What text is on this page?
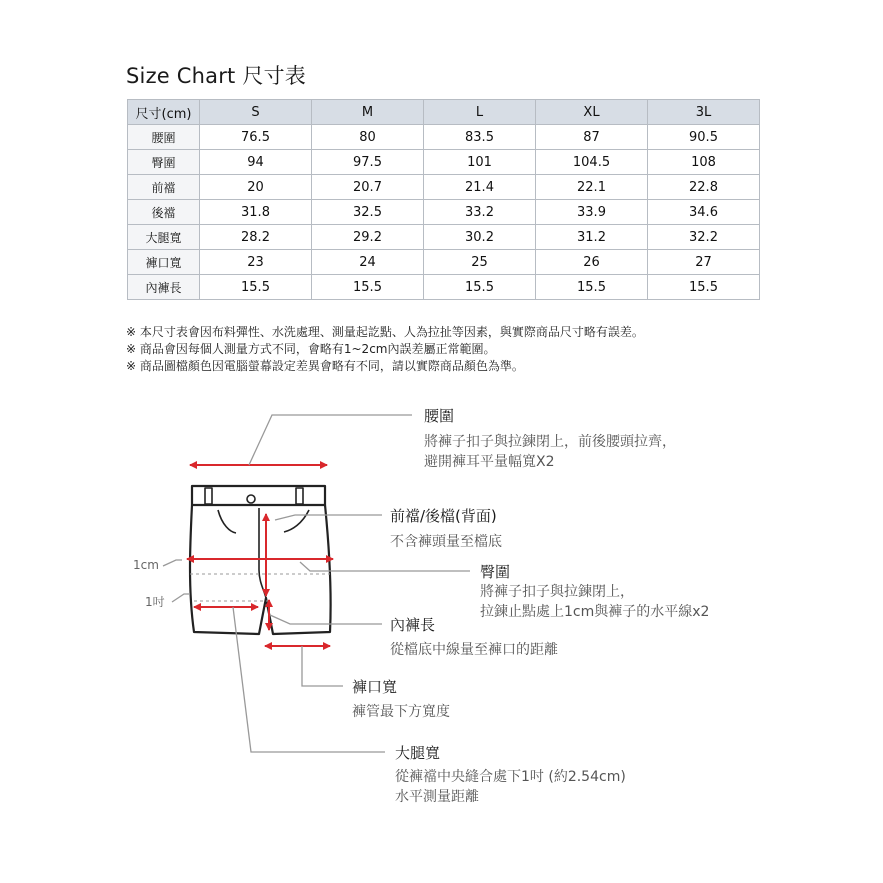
Size Chart 尺寸表
尺寸(cm)	S	M	L	XL	3L
腰圍	76.5	80	83.5	87	90.5
臀圍	94	97.5	101	104.5	108
前襠	20	20.7	21.4	22.1	22.8
後襠	31.8	32.5	33.2	33.9	34.6
大腿寬	28.2	29.2	30.2	31.2	32.2
褲口寬	23	24	25	26	27
內褲長	15.5	15.5	15.5	15.5	15.5
※ 本尺寸表會因布料彈性、水洗處理、測量起訖點、人為拉扯等因素，與實際商品尺寸略有誤差。
※ 商品會因每個人測量方式不同，會略有1~2cm內誤差屬正常範圍。
※ 商品圖檔顏色因電腦螢幕設定差異會略有不同，請以實際商品顏色為準。
腰圍
將褲子扣子與拉鍊閉上，前後腰頭拉齊，
避開褲耳平量幅寬X2
前襠/後檔(背面)
不含褲頭量至檔底
臀圍
將褲子扣子與拉鍊閉上，
拉鍊止點處上1cm與褲子的水平線x2
內褲長
從檔底中線量至褲口的距離
褲口寬
褲管最下方寬度
大腿寬
從褲襠中央縫合處下1吋 (約2.54cm)
水平測量距離
1cm
1吋
